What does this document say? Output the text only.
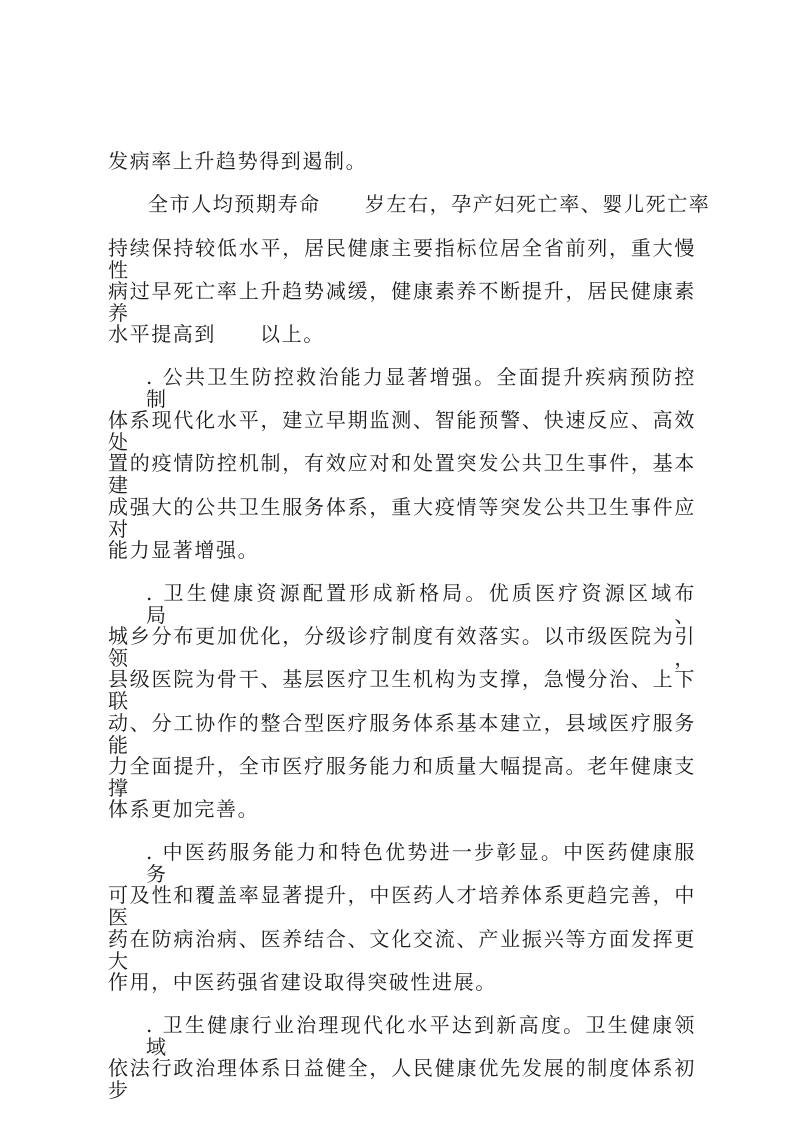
发病率上升趋势得到遏制。
全市人均预期寿命 岁左右，孕产妇死亡率、婴儿死亡率
持续保持较低水平，居民健康主要指标位居全省前列，重大慢性
病过早死亡率上升趋势减缓，健康素养不断提升，居民健康素养
水平提高到 以上。
. 公共卫生防控救治能力显著增强。全面提升疾病预防控制
体系现代化水平，建立早期监测、智能预警、快速反应、高效处
置的疫情防控机制，有效应对和处置突发公共卫生事件，基本建
成强大的公共卫生服务体系，重大疫情等突发公共卫生事件应对
能力显著增强。
. 卫生健康资源配置形成新格局。优质医疗资源区域布局、
城乡分布更加优化，分级诊疗制度有效落实。以市级医院为引领，
县级医院为骨干、基层医疗卫生机构为支撑，急慢分治、上下联
动、分工协作的整合型医疗服务体系基本建立，县域医疗服务能
力全面提升，全市医疗服务能力和质量大幅提高。老年健康支撑
体系更加完善。
. 中医药服务能力和特色优势进一步彰显。中医药健康服务
可及性和覆盖率显著提升，中医药人才培养体系更趋完善，中医
药在防病治病、医养结合、文化交流、产业振兴等方面发挥更大
作用，中医药强省建设取得突破性进展。
. 卫生健康行业治理现代化水平达到新高度。卫生健康领域
依法行政治理体系日益健全，人民健康优先发展的制度体系初步
